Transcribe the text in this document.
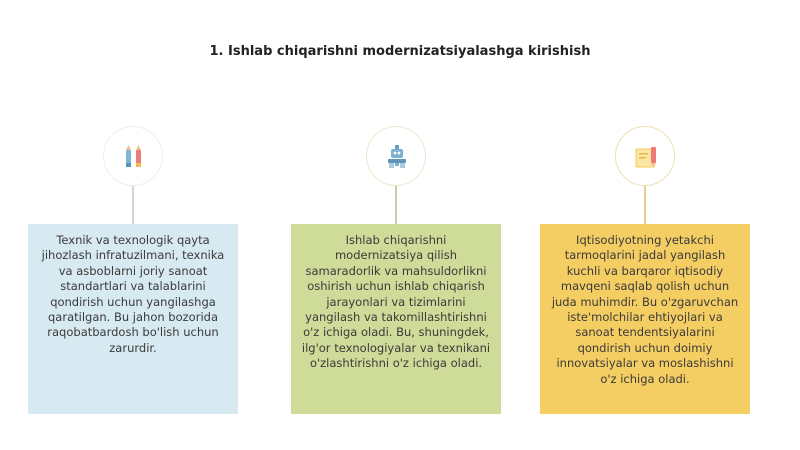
1. Ishlab chiqarishni modernizatsiyalashga kirishish
Texnik va texnologik qayta jihozlash infratuzilmani, texnika va asboblarni joriy sanoat standartlari va talablarini qondirish uchun yangilashga qaratilgan. Bu jahon bozorida raqobatbardosh bo'lish uchun zarurdir.
Ishlab chiqarishni modernizatsiya qilish samaradorlik va mahsuldorlikni oshirish uchun ishlab chiqarish jarayonlari va tizimlarini yangilash va takomillashtirishni o'z ichiga oladi. Bu, shuningdek, ilg'or texnologiyalar va texnikani o'zlashtirishni o'z ichiga oladi.
Iqtisodiyotning yetakchi tarmoqlarini jadal yangilash kuchli va barqaror iqtisodiy mavqeni saqlab qolish uchun juda muhimdir. Bu o'zgaruvchan iste'molchilar ehtiyojlari va sanoat tendentsiyalarini qondirish uchun doimiy innovatsiyalar va moslashishni o'z ichiga oladi.
